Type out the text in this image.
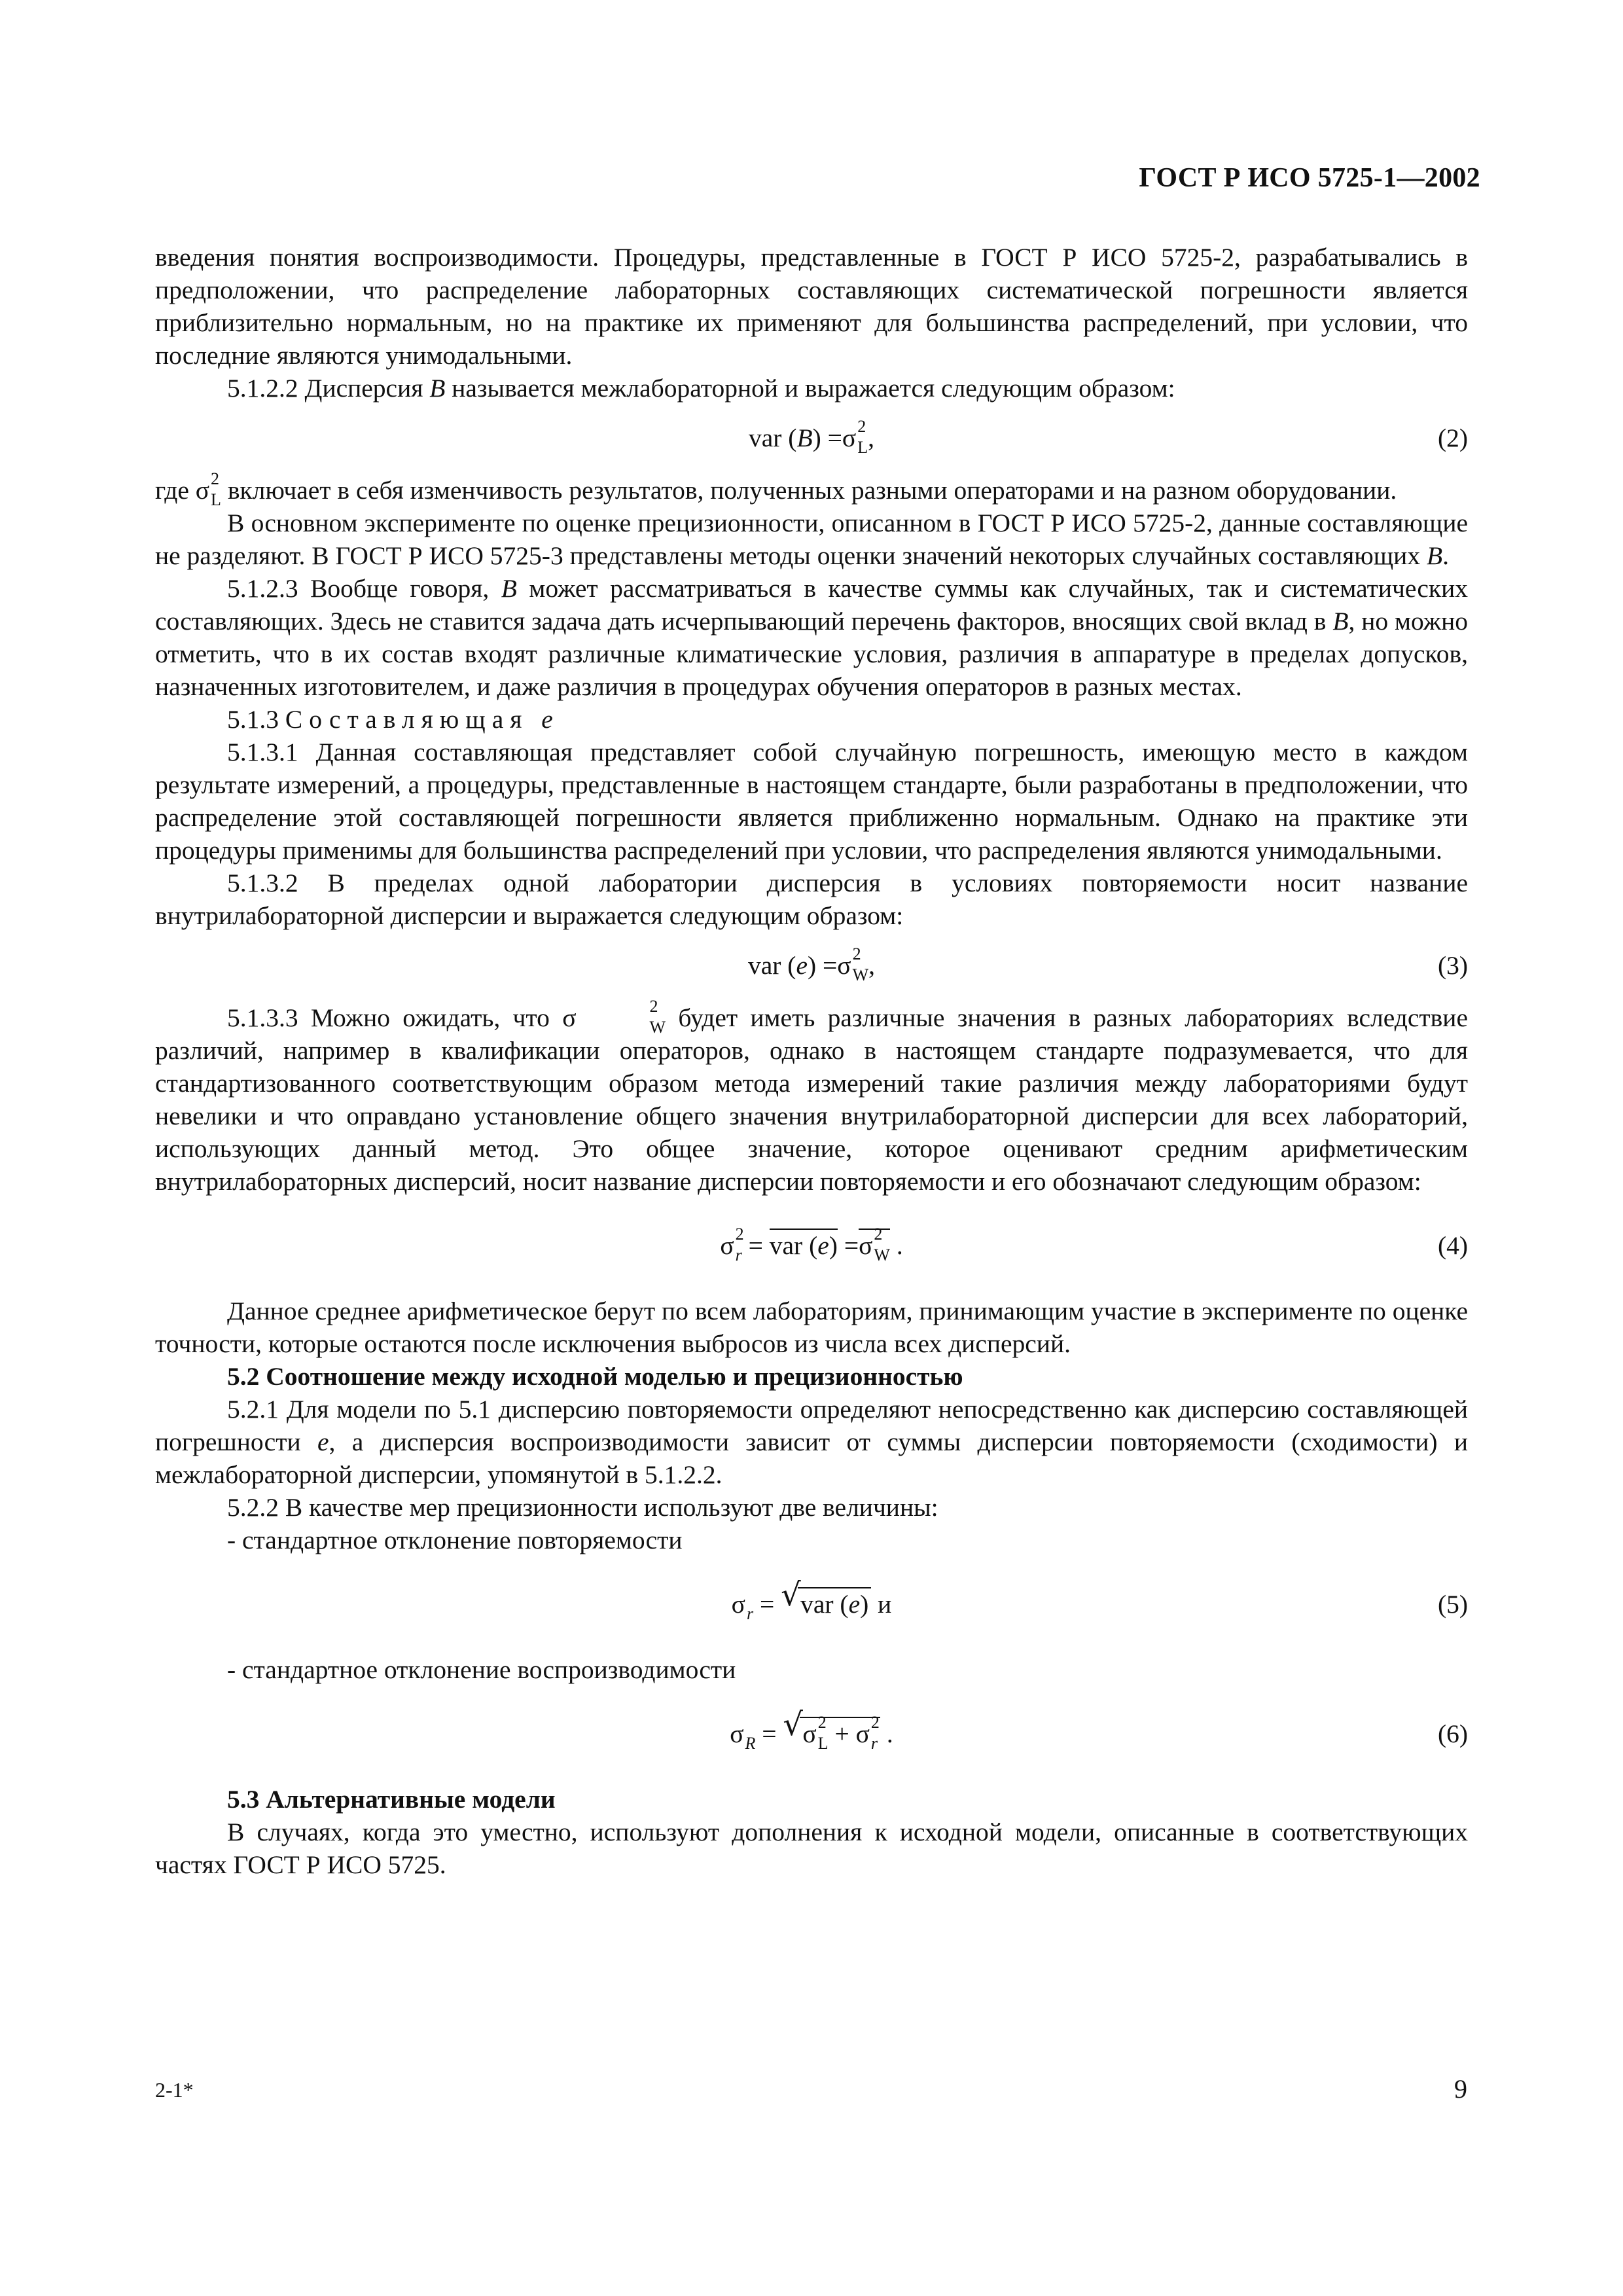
ГОСТ Р ИСО 5725-1—2002

введения понятия воспроизводимости. Процедуры, представленные в ГОСТ Р ИСО 5725-2, разрабатывались в предположении, что распределение лабораторных составляющих систематической погрешности является приблизительно нормальным, но на практике их применяют для большинства распределений, при условии, что последние являются унимодальными.

5.1.2.2 Дисперсия B называется межлабораторной и выражается следующим образом:

var (B) =σ 2
L,	(2)

где σ 2
L включает в себя изменчивость результатов, полученных разными операторами и на разном оборудовании.

В основном эксперименте по оценке прецизионности, описанном в ГОСТ Р ИСО 5725-2, данные составляющие не разделяют. В ГОСТ Р ИСО 5725-3 представлены методы оценки значений некоторых случайных составляющих B.

5.1.2.3 Вообще говоря, B может рассматриваться в качестве суммы как случайных, так и систематических составляющих. Здесь не ставится задача дать исчерпывающий перечень факторов, вносящих свой вклад в B, но можно отметить, что в их состав входят различные климатические условия, различия в аппаратуре в пределах допусков, назначенных изготовителем, и даже различия в процедурах обучения операторов в разных местах.

5.1.3 Составляющая e

5.1.3.1 Данная составляющая представляет собой случайную погрешность, имеющую место в каждом результате измерений, а процедуры, представленные в настоящем стандарте, были разработаны в предположении, что распределение этой составляющей погрешности является приближенно нормальным. Однако на практике эти процедуры применимы для большинства распределений при условии, что распределения являются унимодальными.

5.1.3.2 В пределах одной лаборатории дисперсия в условиях повторяемости носит название внутрилабораторной дисперсии и выражается следующим образом:

var (e) =σ 2
W,	(3)

5.1.3.3 Можно ожидать, что σ	2
W будет иметь различные значения в разных лабораториях вследствие различий, например в квалификации операторов, однако в настоящем стандарте подразумевается, что для стандартизованного соответствующим образом метода измерений такие различия между лабораториями будут невелики и что оправдано установление общего значения внутрилабораторной дисперсии для всех лабораторий, использующих данный метод. Это общее значение, которое оценивают средним арифметическим внутрилабораторных дисперсий, носит название дисперсии повторяемости и его обозначают следующим образом:

σ 2
r = var (e) =σ 2
W .	(4)

Данное среднее арифметическое берут по всем лабораториям, принимающим участие в эксперименте по оценке точности, которые остаются после исключения выбросов из числа всех дисперсий.

5.2 Соотношение между исходной моделью и прецизионностью

5.2.1 Для модели по 5.1 дисперсию повторяемости определяют непосредственно как дисперсию составляющей погрешности e, а дисперсия воспроизводимости зависит от суммы дисперсии повторяемости (сходимости) и межлабораторной дисперсии, упомянутой в 5.1.2.2.

5.2.2 В качестве мер прецизионности используют две величины:

- стандартное отклонение повторяемости

σr = √ var (e) и	(5)

- стандартное отклонение воспроизводимости

σR = √ σ 2
L + σ 2
r .	(6)

5.3 Альтернативные модели

В случаях, когда это уместно, используют дополнения к исходной модели, описанные в соответствующих частях ГОСТ Р ИСО 5725.

2-1*	9
